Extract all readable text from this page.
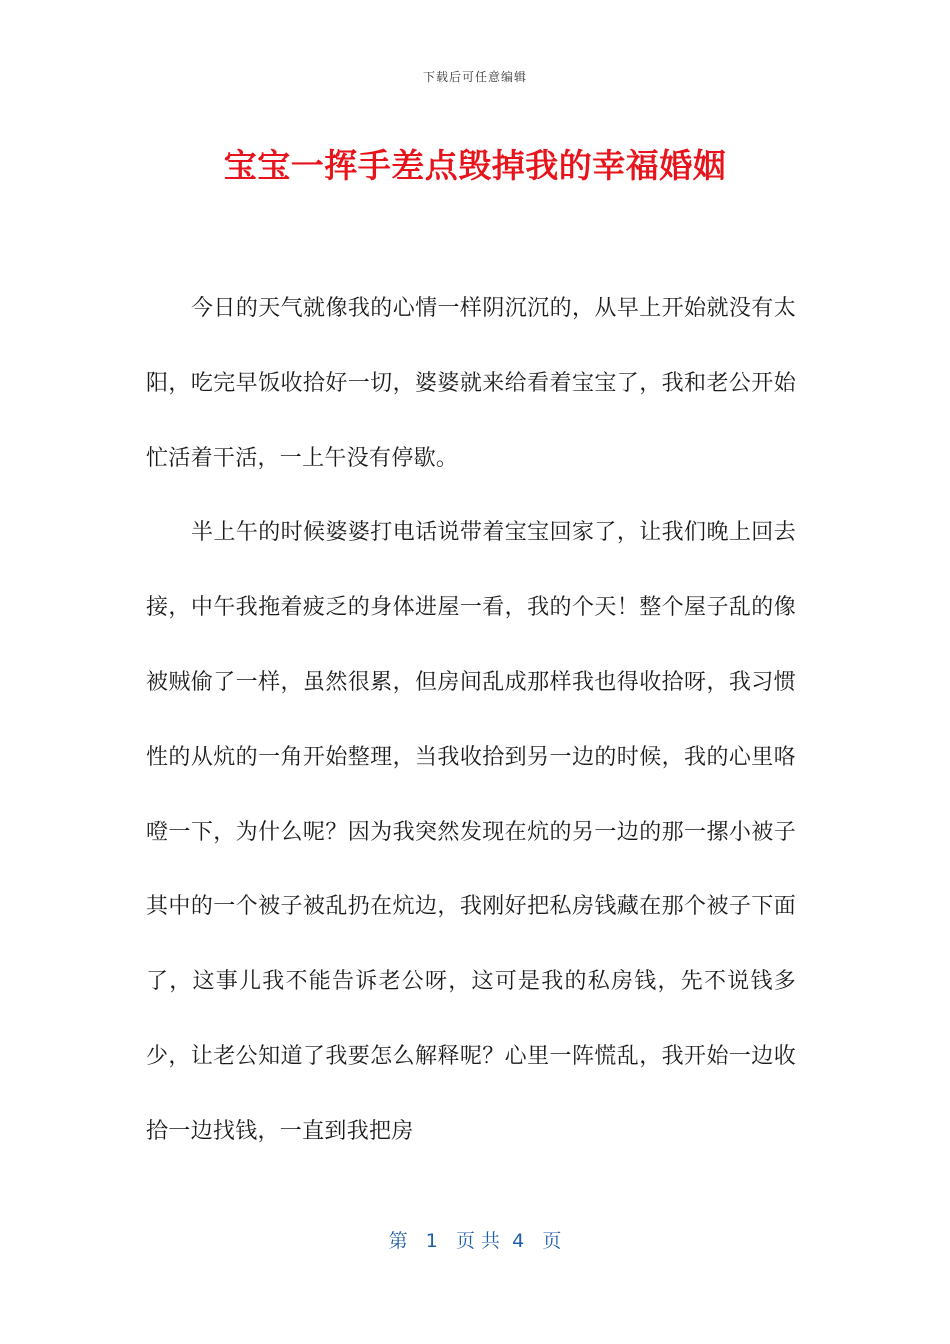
下载后可任意编辑
宝宝一挥手差点毁掉我的幸福婚姻

今日的天气就像我的心情一样阴沉沉的，从早上开始就没有太阳，吃完早饭收拾好一切，婆婆就来给看着宝宝了，我和老公开始忙活着干活，一上午没有停歇。

半上午的时候婆婆打电话说带着宝宝回家了，让我们晚上回去接，中午我拖着疲乏的身体进屋一看，我的个天！整个屋子乱的像被贼偷了一样，虽然很累，但房间乱成那样我也得收拾呀，我习惯性的从炕的一角开始整理，当我收拾到另一边的时候，我的心里咯噔一下，为什么呢？因为我突然发现在炕的另一边的那一摞小被子其中的一个被子被乱扔在炕边，我刚好把私房钱藏在那个被子下面了，这事儿我不能告诉老公呀，这可是我的私房钱，先不说钱多少，让老公知道了我要怎么解释呢？心里一阵慌乱，我开始一边收拾一边找钱，一直到我把房

第   1   页 共  4   页
